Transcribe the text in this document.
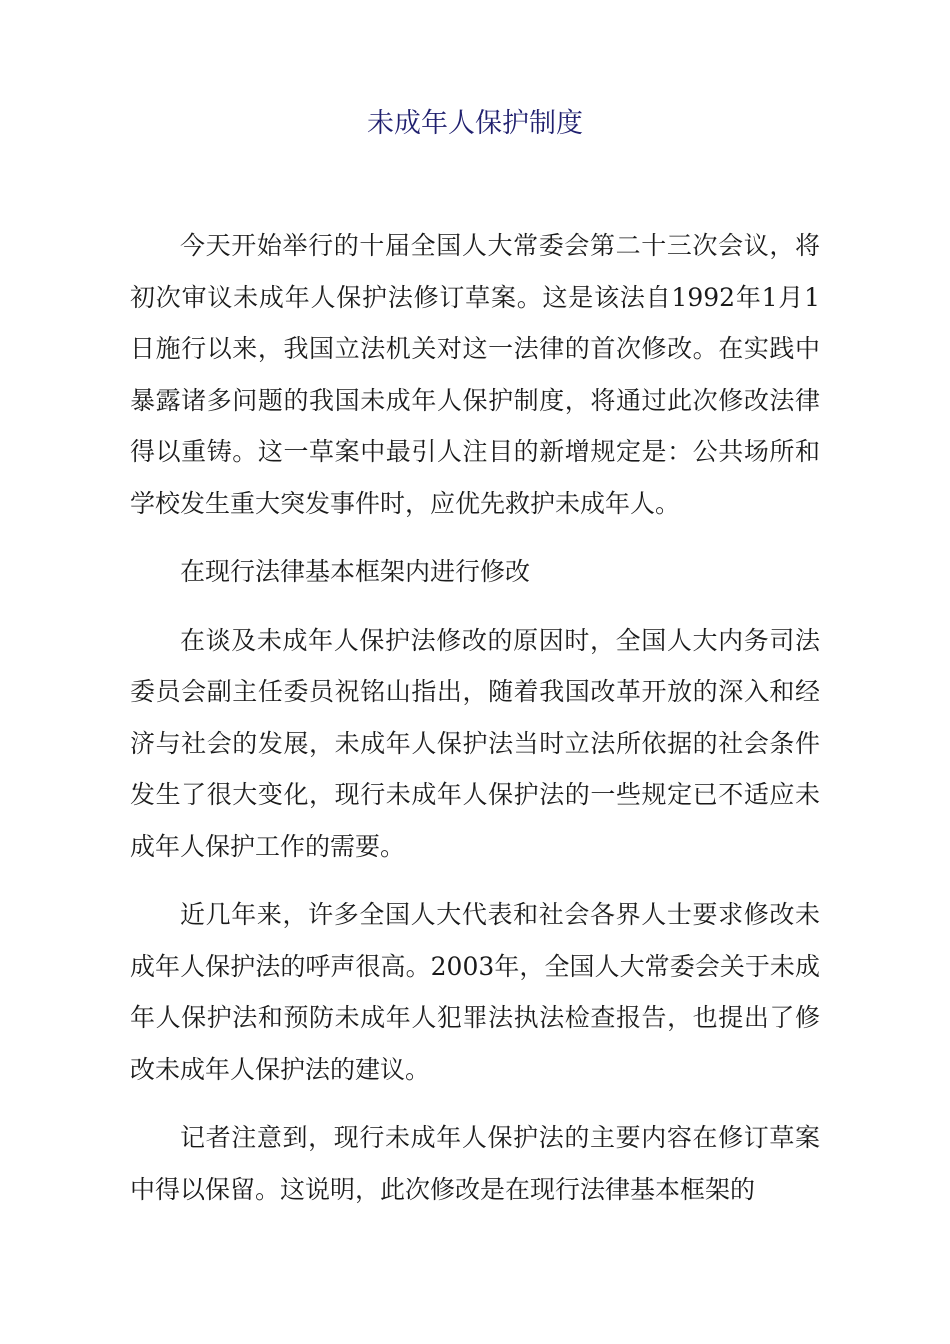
未成年人保护制度

今天开始举行的十届全国人大常委会第二十三次会议，将初次审议未成年人保护法修订草案。这是该法自1992年1月1日施行以来，我国立法机关对这一法律的首次修改。在实践中暴露诸多问题的我国未成年人保护制度，将通过此次修改法律得以重铸。这一草案中最引人注目的新增规定是：公共场所和学校发生重大突发事件时，应优先救护未成年人。

在现行法律基本框架内进行修改

在谈及未成年人保护法修改的原因时，全国人大内务司法委员会副主任委员祝铭山指出，随着我国改革开放的深入和经济与社会的发展，未成年人保护法当时立法所依据的社会条件发生了很大变化，现行未成年人保护法的一些规定已不适应未成年人保护工作的需要。

近几年来，许多全国人大代表和社会各界人士要求修改未成年人保护法的呼声很高。2003年，全国人大常委会关于未成年人保护法和预防未成年人犯罪法执法检查报告，也提出了修改未成年人保护法的建议。

记者注意到，现行未成年人保护法的主要内容在修订草案中得以保留。这说明，此次修改是在现行法律基本框架的
